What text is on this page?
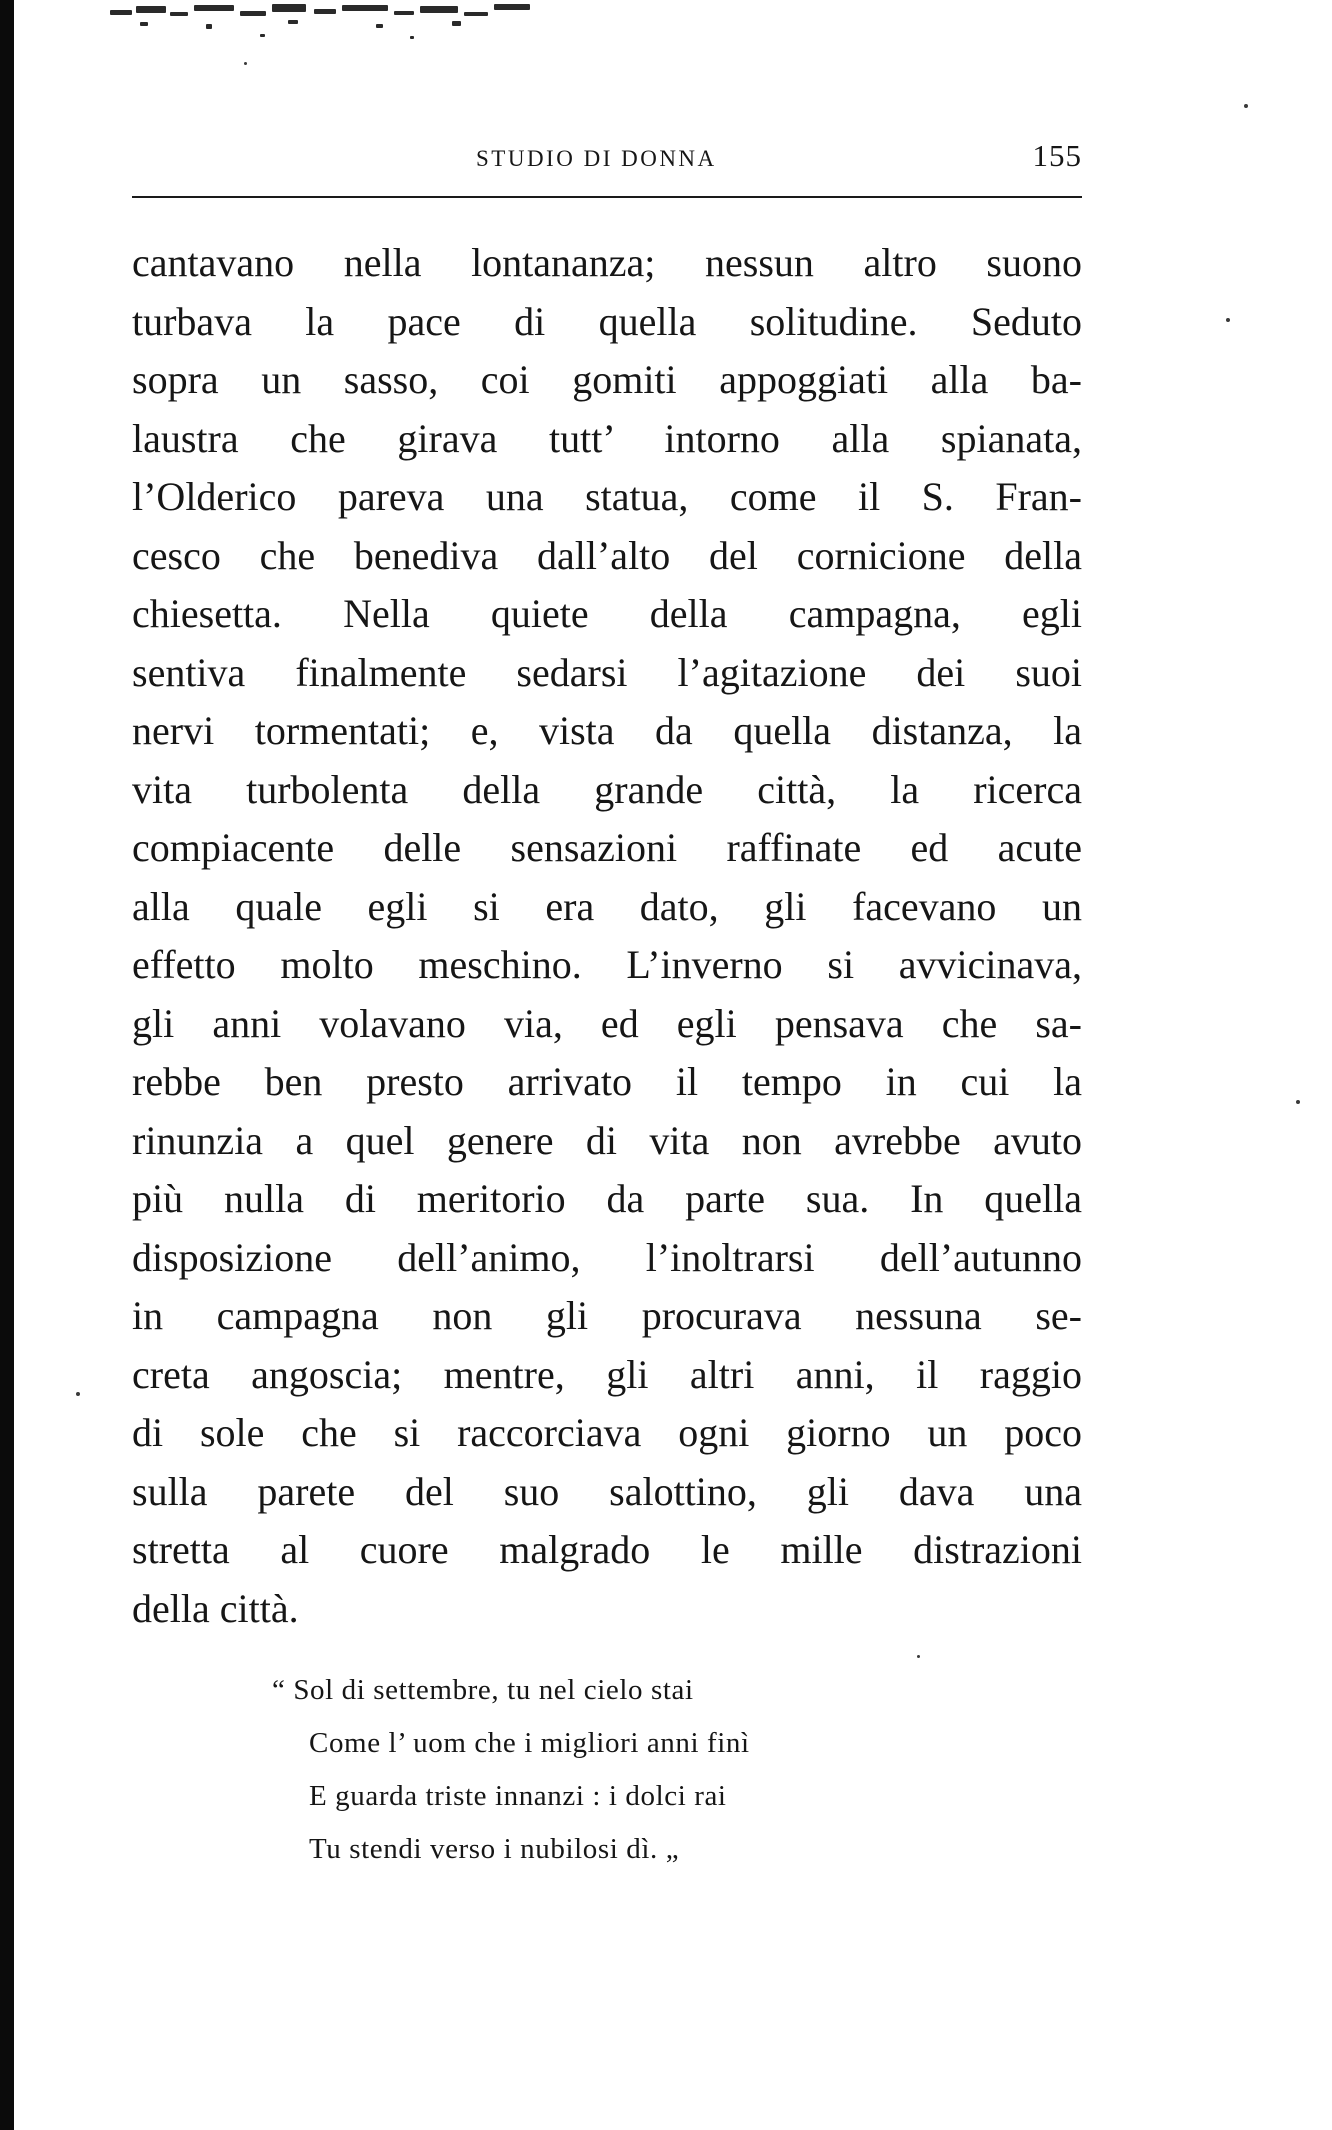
STUDIO DI DONNA	155
cantavano nella lontananza; nessun altro suono
turbava la pace di quella solitudine. Seduto
sopra un sasso, coi gomiti appoggiati alla ba-
laustra che girava tutt’ intorno alla spianata,
l’Olderico pareva una statua, come il S. Fran-
cesco che benediva dall’alto del cornicione della
chiesetta. Nella quiete della campagna, egli
sentiva finalmente sedarsi l’agitazione dei suoi
nervi tormentati; e, vista da quella distanza, la
vita turbolenta della grande città, la ricerca
compiacente delle sensazioni raffinate ed acute
alla quale egli si era dato, gli facevano un
effetto molto meschino. L’inverno si avvicinava,
gli anni volavano via, ed egli pensava che sa-
rebbe ben presto arrivato il tempo in cui la
rinunzia a quel genere di vita non avrebbe avuto
più nulla di meritorio da parte sua. In quella
disposizione dell’animo, l’inoltrarsi dell’autunno
in campagna non gli procurava nessuna se-
creta angoscia; mentre, gli altri anni, il raggio
di sole che si raccorciava ogni giorno un poco
sulla parete del suo salottino, gli dava una
stretta al cuore malgrado le mille distrazioni
della città.
“ Sol di settembre, tu nel cielo stai
Come l’ uom che i migliori anni finì
E guarda triste innanzi : i dolci rai
Tu stendi verso i nubilosi dì. „
